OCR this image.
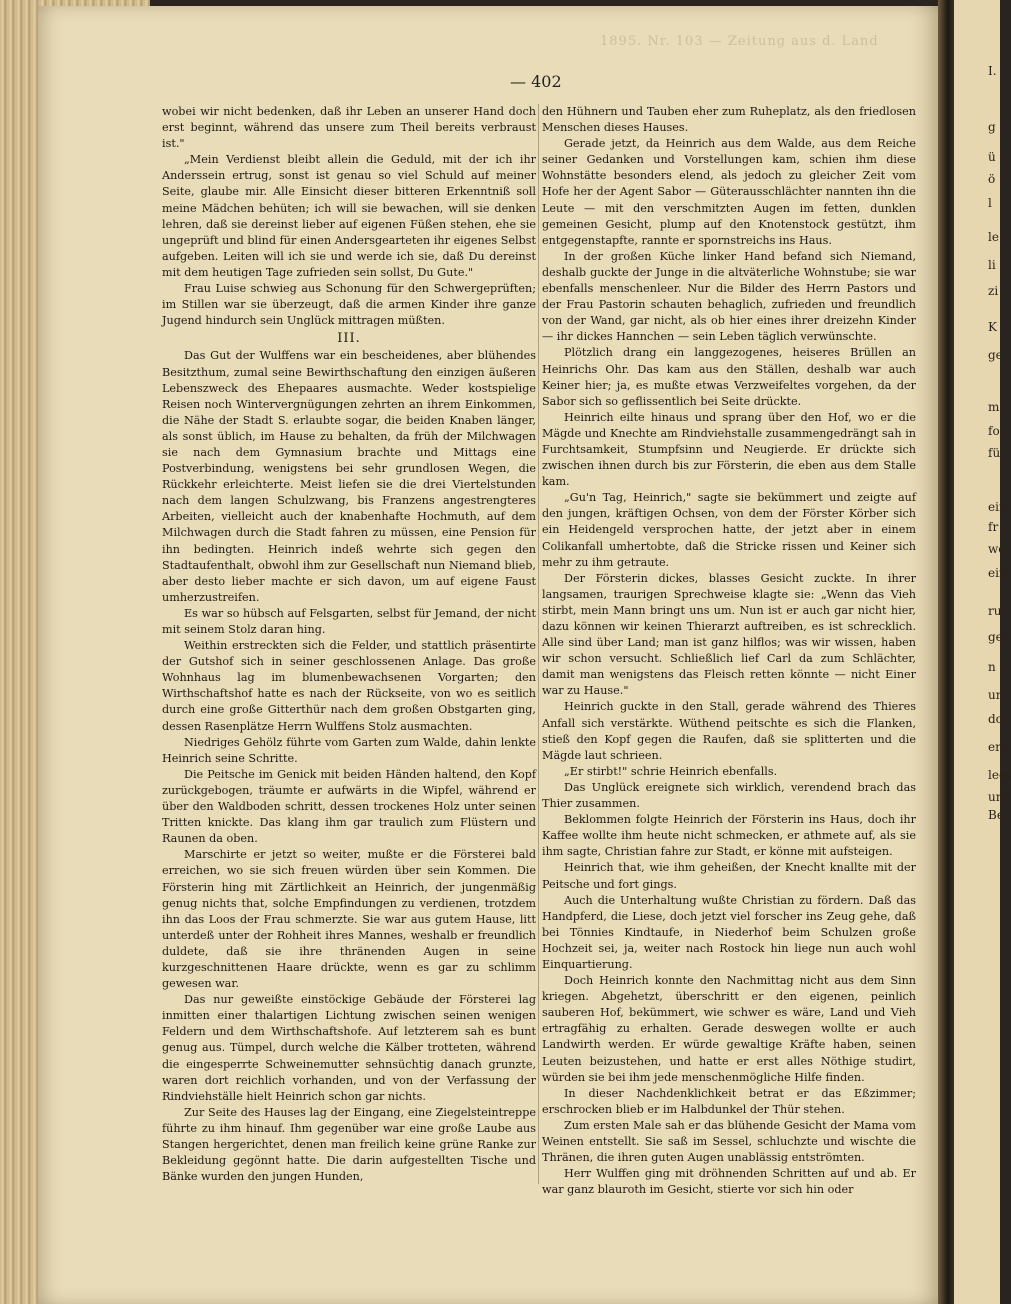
I.
g
ü
ö
l
le
li
zi
K
ge
m
fo
fü
ein
fr
we
ein
ru
gel
n
un
do
ern
legt
ung
Bei
1895. Nr. 103 — Zeitung aus d. Land
— 402

wobei wir nicht bedenken, daß ihr Leben an unserer Hand doch erst beginnt, während das unsere zum Theil bereits verbraust ist."

„Mein Verdienst bleibt allein die Geduld, mit der ich ihr Anderssein ertrug, sonst ist genau so viel Schuld auf meiner Seite, glaube mir. Alle Einsicht dieser bitteren Erkenntniß soll meine Mädchen behüten; ich will sie bewachen, will sie denken lehren, daß sie dereinst lieber auf eigenen Füßen stehen, ehe sie ungeprüft und blind für einen Andersgearteten ihr eigenes Selbst aufgeben. Leiten will ich sie und werde ich sie, daß Du dereinst mit dem heutigen Tage zufrieden sein sollst, Du Gute."

Frau Luise schwieg aus Schonung für den Schwergeprüften; im Stillen war sie überzeugt, daß die armen Kinder ihre ganze Jugend hindurch sein Unglück mittragen müßten.

III.

Das Gut der Wulffens war ein bescheidenes, aber blühendes Besitzthum, zumal seine Bewirthschaftung den einzigen äußeren Lebenszweck des Ehepaares ausmachte. Weder kostspielige Reisen noch Wintervergnügungen zehrten an ihrem Einkommen, die Nähe der Stadt S. erlaubte sogar, die beiden Knaben länger, als sonst üblich, im Hause zu behalten, da früh der Milchwagen sie nach dem Gymnasium brachte und Mittags eine Postverbindung, wenigstens bei sehr grundlosen Wegen, die Rückkehr erleichterte. Meist liefen sie die drei Viertelstunden nach dem langen Schulzwang, bis Franzens angestrengteres Arbeiten, vielleicht auch der knabenhafte Hochmuth, auf dem Milchwagen durch die Stadt fahren zu müssen, eine Pension für ihn bedingten. Heinrich indeß wehrte sich gegen den Stadtaufenthalt, obwohl ihm zur Gesellschaft nun Niemand blieb, aber desto lieber machte er sich davon, um auf eigene Faust umherzustreifen.

Es war so hübsch auf Felsgarten, selbst für Jemand, der nicht mit seinem Stolz daran hing.

Weithin erstreckten sich die Felder, und stattlich präsentirte der Gutshof sich in seiner geschlossenen Anlage. Das große Wohnhaus lag im blumenbewachsenen Vorgarten; den Wirthschaftshof hatte es nach der Rückseite, von wo es seitlich durch eine große Gitterthür nach dem großen Obstgarten ging, dessen Rasenplätze Herrn Wulffens Stolz ausmachten.

Niedriges Gehölz führte vom Garten zum Walde, dahin lenkte Heinrich seine Schritte.

Die Peitsche im Genick mit beiden Händen haltend, den Kopf zurückgebogen, träumte er aufwärts in die Wipfel, während er über den Waldboden schritt, dessen trockenes Holz unter seinen Tritten knickte. Das klang ihm gar traulich zum Flüstern und Raunen da oben.

Marschirte er jetzt so weiter, mußte er die Försterei bald erreichen, wo sie sich freuen würden über sein Kommen. Die Försterin hing mit Zärtlichkeit an Heinrich, der jungenmäßig genug nichts that, solche Empfindungen zu verdienen, trotzdem ihn das Loos der Frau schmerzte. Sie war aus gutem Hause, litt unterdeß unter der Rohheit ihres Mannes, weshalb er freundlich duldete, daß sie ihre thränenden Augen in seine kurzgeschnittenen Haare drückte, wenn es gar zu schlimm gewesen war.

Das nur geweißte einstöckige Gebäude der Försterei lag inmitten einer thalartigen Lichtung zwischen seinen wenigen Feldern und dem Wirthschaftshofe. Auf letzterem sah es bunt genug aus. Tümpel, durch welche die Kälber trotteten, während die eingesperrte Schweinemutter sehnsüchtig danach grunzte, waren dort reichlich vorhanden, und von der Verfassung der Rindviehställe hielt Heinrich schon gar nichts.

Zur Seite des Hauses lag der Eingang, eine Ziegelsteintreppe führte zu ihm hinauf. Ihm gegenüber war eine große Laube aus Stangen hergerichtet, denen man freilich keine grüne Ranke zur Bekleidung gegönnt hatte. Die darin aufgestellten Tische und Bänke wurden den jungen Hunden,

den Hühnern und Tauben eher zum Ruheplatz, als den friedlosen Menschen dieses Hauses.

Gerade jetzt, da Heinrich aus dem Walde, aus dem Reiche seiner Gedanken und Vorstellungen kam, schien ihm diese Wohnstätte besonders elend, als jedoch zu gleicher Zeit vom Hofe her der Agent Sabor — Güterausschlächter nannten ihn die Leute — mit den verschmitzten Augen im fetten, dunklen gemeinen Gesicht, plump auf den Knotenstock gestützt, ihm entgegenstapfte, rannte er spornstreichs ins Haus.

In der großen Küche linker Hand befand sich Niemand, deshalb guckte der Junge in die altväterliche Wohnstube; sie war ebenfalls menschenleer. Nur die Bilder des Herrn Pastors und der Frau Pastorin schauten behaglich, zufrieden und freundlich von der Wand, gar nicht, als ob hier eines ihrer dreizehn Kinder — ihr dickes Hannchen — sein Leben täglich verwünschte.

Plötzlich drang ein langgezogenes, heiseres Brüllen an Heinrichs Ohr. Das kam aus den Ställen, deshalb war auch Keiner hier; ja, es mußte etwas Verzweifeltes vorgehen, da der Sabor sich so geflissentlich bei Seite drückte.

Heinrich eilte hinaus und sprang über den Hof, wo er die Mägde und Knechte am Rindviehstalle zusammengedrängt sah in Furchtsamkeit, Stumpfsinn und Neugierde. Er drückte sich zwischen ihnen durch bis zur Försterin, die eben aus dem Stalle kam.

„Gu'n Tag, Heinrich," sagte sie bekümmert und zeigte auf den jungen, kräftigen Ochsen, von dem der Förster Körber sich ein Heidengeld versprochen hatte, der jetzt aber in einem Colikanfall umhertobte, daß die Stricke rissen und Keiner sich mehr zu ihm getraute.

Der Försterin dickes, blasses Gesicht zuckte. In ihrer langsamen, traurigen Sprechweise klagte sie: „Wenn das Vieh stirbt, mein Mann bringt uns um. Nun ist er auch gar nicht hier, dazu können wir keinen Thierarzt auftreiben, es ist schrecklich. Alle sind über Land; man ist ganz hilflos; was wir wissen, haben wir schon versucht. Schließlich lief Carl da zum Schlächter, damit man wenigstens das Fleisch retten könnte — nicht Einer war zu Hause."

Heinrich guckte in den Stall, gerade während des Thieres Anfall sich verstärkte. Wüthend peitschte es sich die Flanken, stieß den Kopf gegen die Raufen, daß sie splitterten und die Mägde laut schrieen.

„Er stirbt!" schrie Heinrich ebenfalls.

Das Unglück ereignete sich wirklich, verendend brach das Thier zusammen.

Beklommen folgte Heinrich der Försterin ins Haus, doch ihr Kaffee wollte ihm heute nicht schmecken, er athmete auf, als sie ihm sagte, Christian fahre zur Stadt, er könne mit aufsteigen.

Heinrich that, wie ihm geheißen, der Knecht knallte mit der Peitsche und fort gings.

Auch die Unterhaltung wußte Christian zu fördern. Daß das Handpferd, die Liese, doch jetzt viel forscher ins Zeug gehe, daß bei Tönnies Kindtaufe, in Niederhof beim Schulzen große Hochzeit sei, ja, weiter nach Rostock hin liege nun auch wohl Einquartierung.

Doch Heinrich konnte den Nachmittag nicht aus dem Sinn kriegen. Abgehetzt, überschritt er den eigenen, peinlich sauberen Hof, bekümmert, wie schwer es wäre, Land und Vieh ertragfähig zu erhalten. Gerade deswegen wollte er auch Landwirth werden. Er würde gewaltige Kräfte haben, seinen Leuten beizustehen, und hatte er erst alles Nöthige studirt, würden sie bei ihm jede menschenmögliche Hilfe finden.

In dieser Nachdenklichkeit betrat er das Eßzimmer; erschrocken blieb er im Halbdunkel der Thür stehen.

Zum ersten Male sah er das blühende Gesicht der Mama vom Weinen entstellt. Sie saß im Sessel, schluchzte und wischte die Thränen, die ihren guten Augen unablässig entströmten.

Herr Wulffen ging mit dröhnenden Schritten auf und ab. Er war ganz blauroth im Gesicht, stierte vor sich hin oder
